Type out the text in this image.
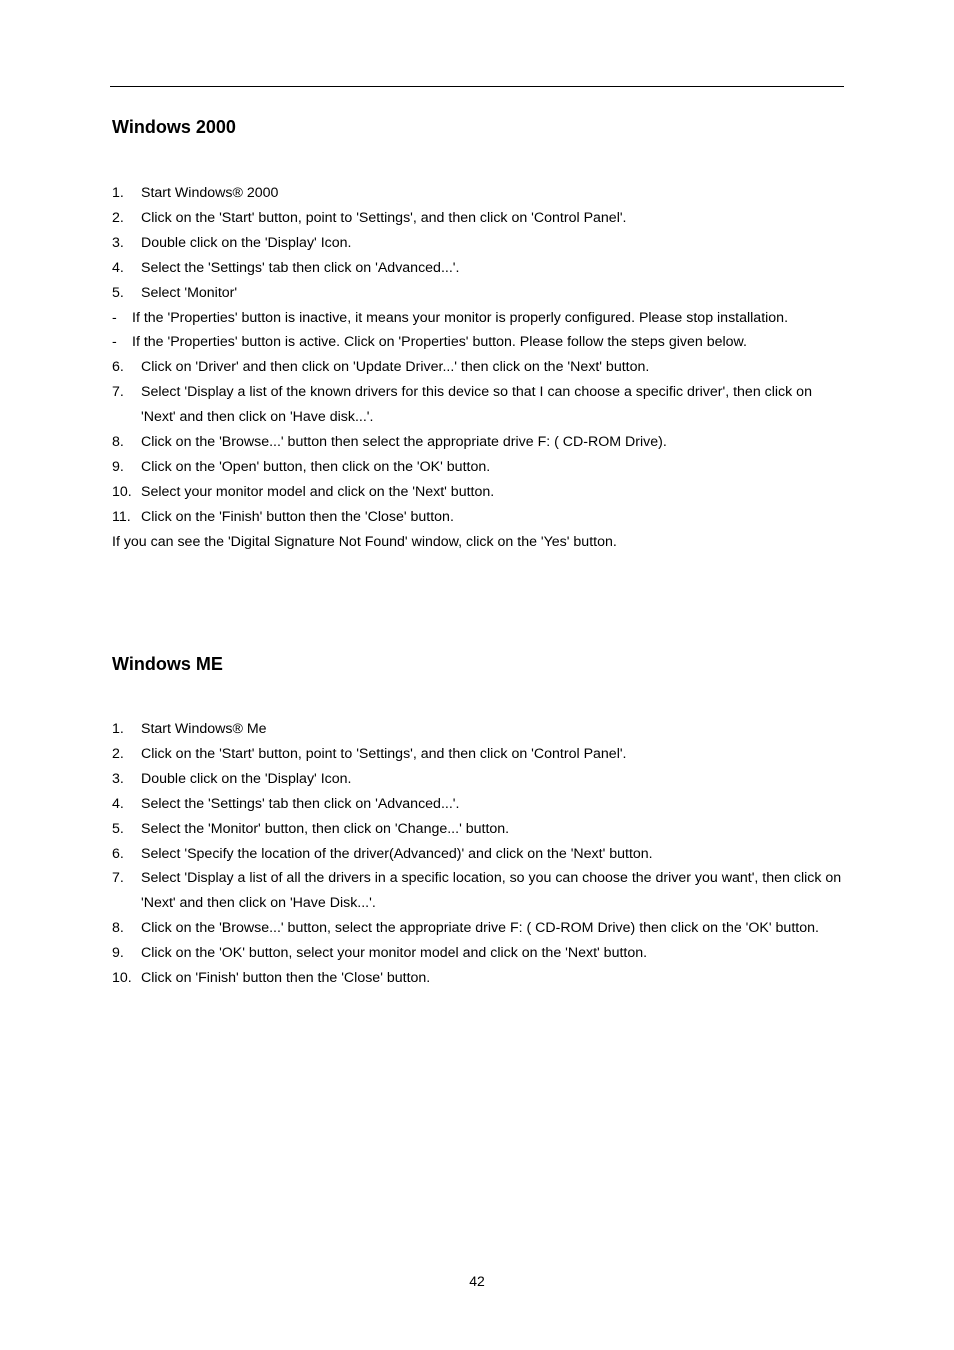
Windows 2000
1.	Start Windows® 2000
2.	Click on the 'Start' button, point to 'Settings', and then click on 'Control Panel'.
3.	Double click on the 'Display' Icon.
4.	Select the 'Settings' tab then click on 'Advanced...'.
5.	Select 'Monitor'
-	If the 'Properties' button is inactive, it means your monitor is properly configured. Please stop installation.
-	If the 'Properties' button is active. Click on 'Properties' button. Please follow the steps given below.
6.	Click on 'Driver' and then click on 'Update Driver...' then click on the 'Next' button.
7.	Select 'Display a list of the known drivers for this device so that I can choose a specific driver', then click on 'Next' and then click on 'Have disk...'.
8.	Click on the 'Browse...' button then select the appropriate drive F: ( CD-ROM Drive).
9.	Click on the 'Open' button, then click on the 'OK' button.
10. Select your monitor model and click on the 'Next' button.
11. Click on the 'Finish' button then the 'Close' button.
If you can see the 'Digital Signature Not Found' window, click on the 'Yes' button.
Windows ME
1.	Start Windows® Me
2.	Click on the 'Start' button, point to 'Settings', and then click on 'Control Panel'.
3.	Double click on the 'Display' Icon.
4.	Select the 'Settings' tab then click on 'Advanced...'.
5.	Select the 'Monitor' button, then click on 'Change...' button.
6.	Select 'Specify the location of the driver(Advanced)' and click on the 'Next' button.
7.	Select 'Display a list of all the drivers in a specific location, so you can choose the driver you want', then click on 'Next' and then click on 'Have Disk...'.
8.	Click on the 'Browse...' button, select the appropriate drive F: ( CD-ROM Drive) then click on the 'OK' button.
9.	Click on the 'OK' button, select your monitor model and click on the 'Next' button.
10. Click on 'Finish' button then the 'Close' button.
42
